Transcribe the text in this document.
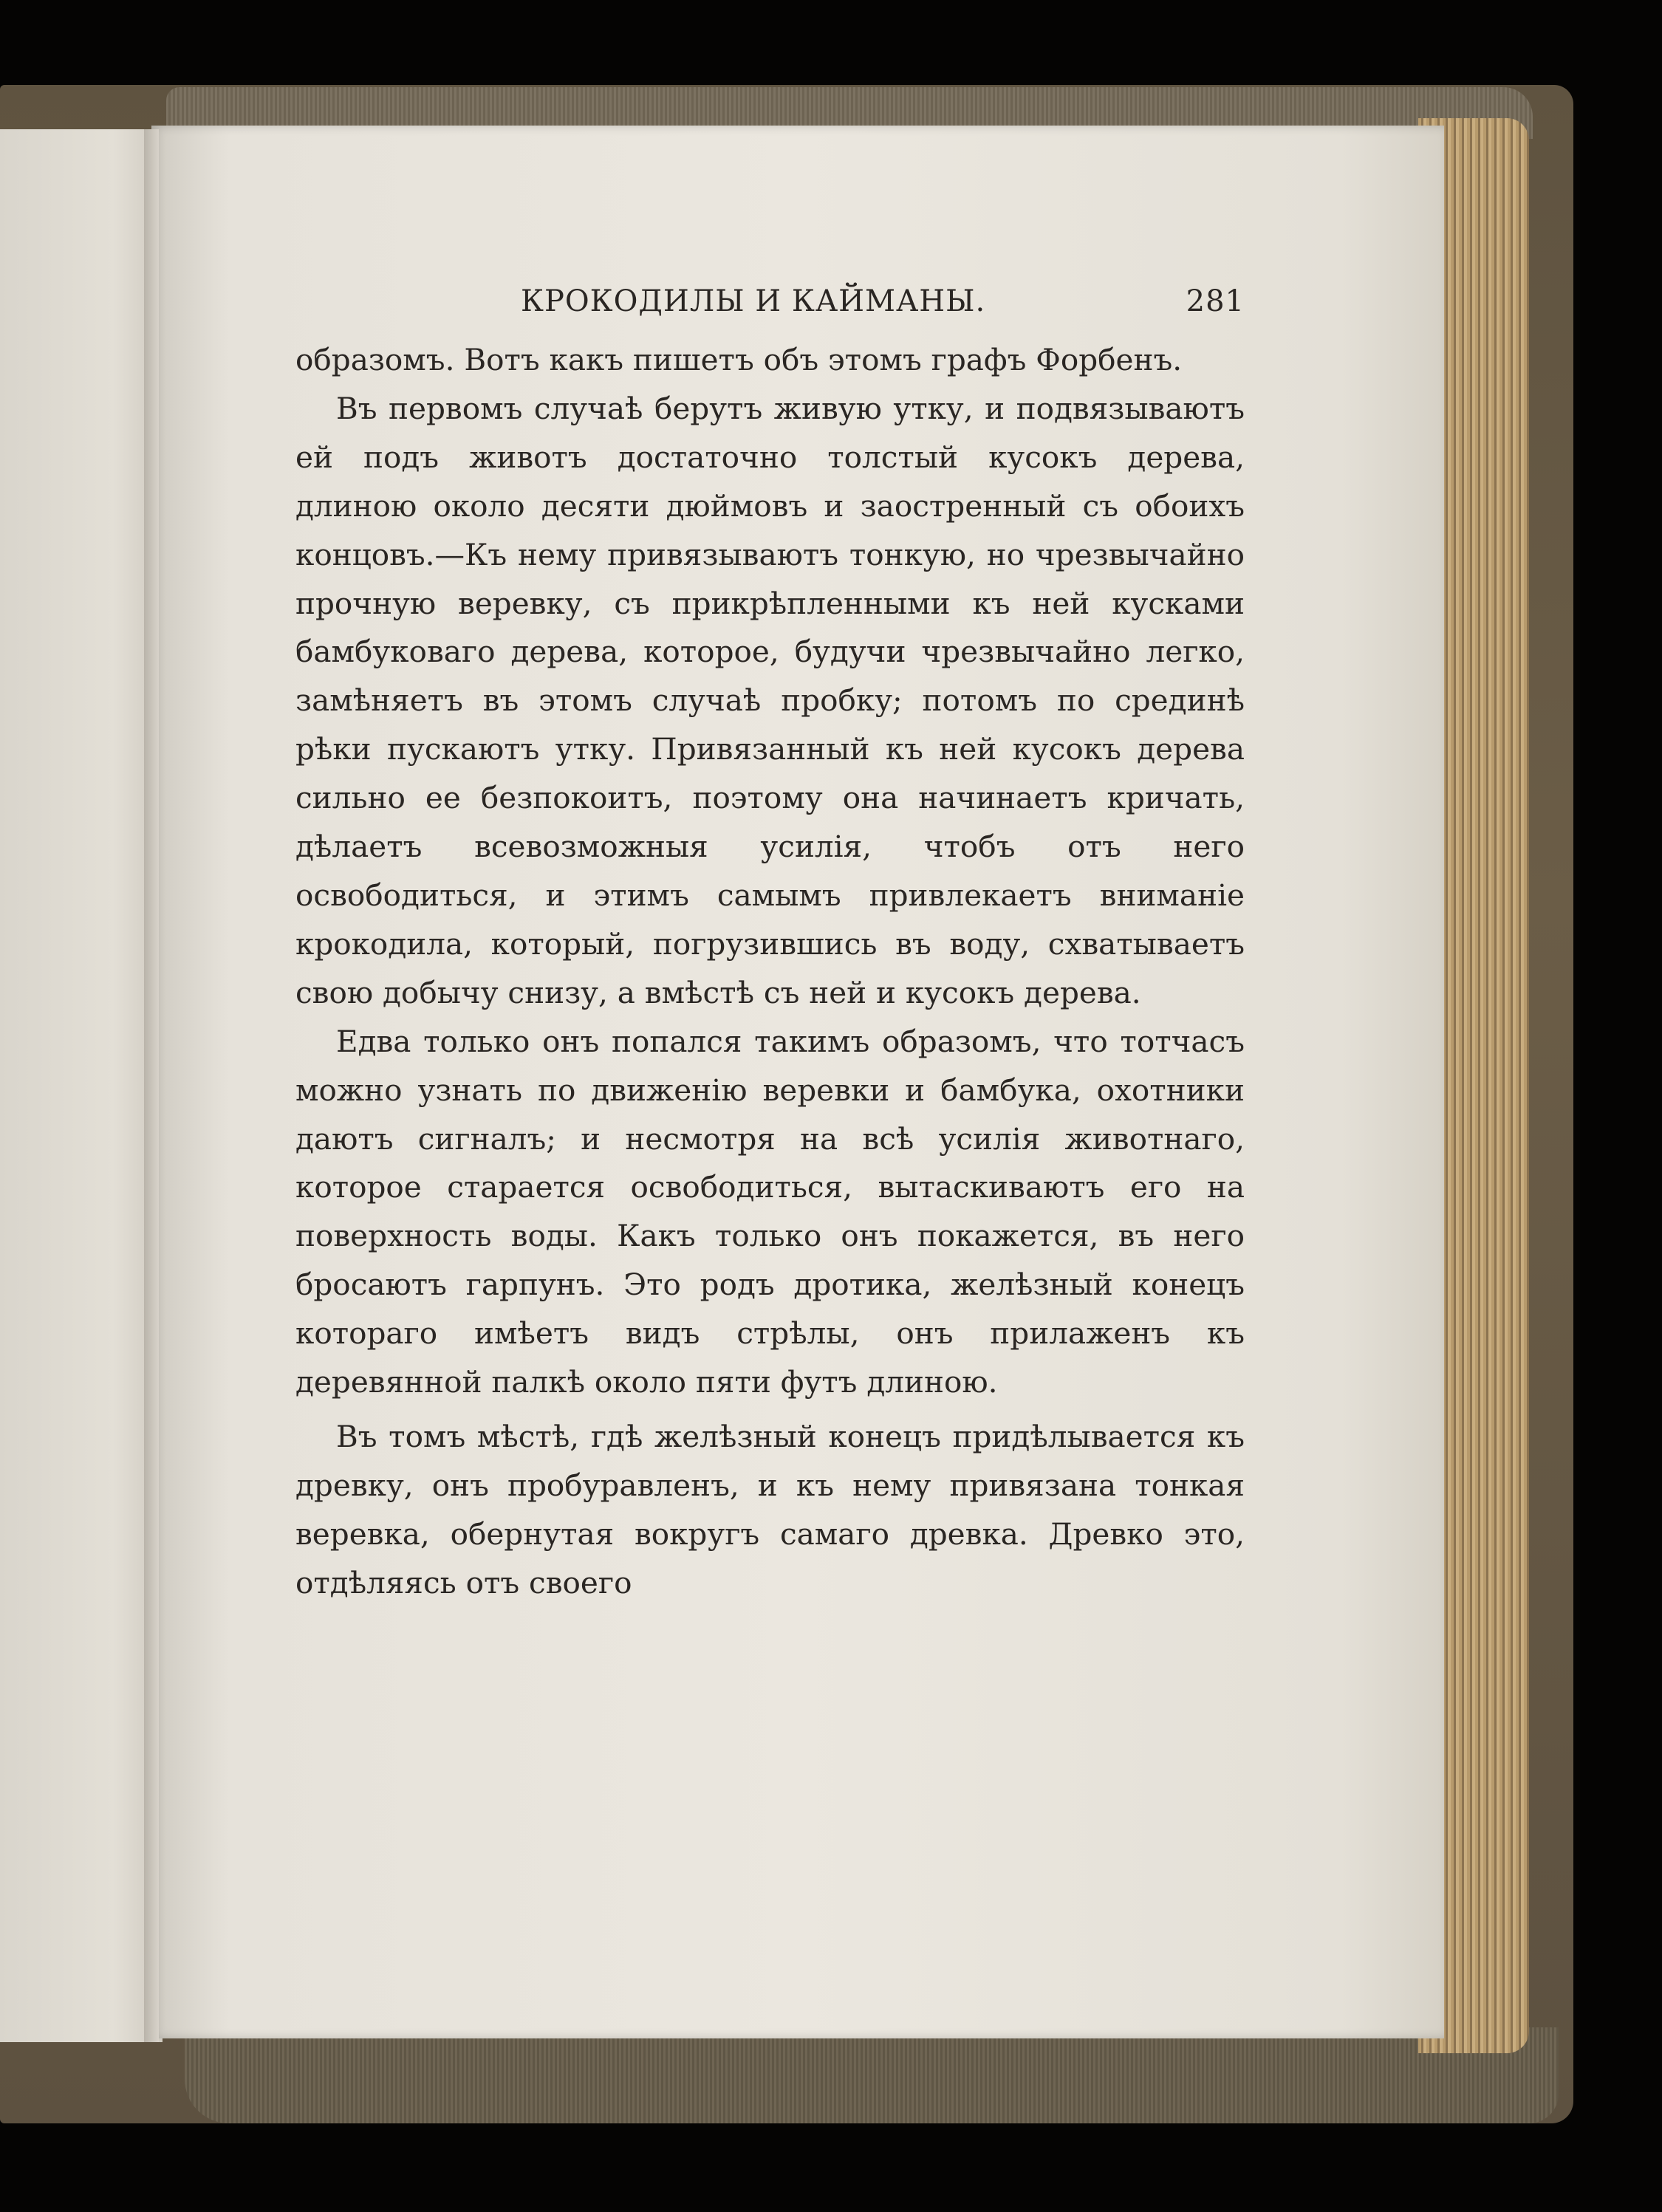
КРОКОДИЛЫ И КАЙМАНЫ.	281

образомъ. Вотъ какъ пишетъ объ этомъ графъ Форбенъ.

Въ первомъ случаѣ берутъ живую утку, и подвязываютъ ей подъ животъ достаточно толстый кусокъ дерева, длиною около десяти дюймовъ и заостренный съ обоихъ концовъ.—Къ нему привязываютъ тонкую, но чрезвычайно прочную веревку, съ прикрѣпленными къ ней кусками бамбуковаго дерева, которое, будучи чрезвычайно легко, замѣняетъ въ этомъ случаѣ пробку; потомъ по срединѣ рѣки пускаютъ утку. Привязанный къ ней кусокъ дерева сильно ее безпокоитъ, поэтому она начинаетъ кричать, дѣлаетъ всевозможныя усилія, чтобъ отъ него освободиться, и этимъ самымъ привлекаетъ вниманіе крокодила, который, погрузившись въ воду, схватываетъ свою добычу снизу, а вмѣстѣ съ ней и кусокъ дерева.

Едва только онъ попался такимъ образомъ, что тотчасъ можно узнать по движенію веревки и бамбука, охотники даютъ сигналъ; и несмотря на всѣ усилія животнаго, которое старается освободиться, вытаскиваютъ его на поверхность воды. Какъ только онъ покажется, въ него бросаютъ гарпунъ. Это родъ дротика, желѣзный конецъ котораго имѣетъ видъ стрѣлы, онъ прилаженъ къ деревянной палкѣ около пяти футъ длиною.

Въ томъ мѣстѣ, гдѣ желѣзный конецъ придѣлывается къ древку, онъ пробуравленъ, и къ нему привязана тонкая веревка, обернутая вокругъ самаго древка. Древко это, отдѣляясь отъ своего
